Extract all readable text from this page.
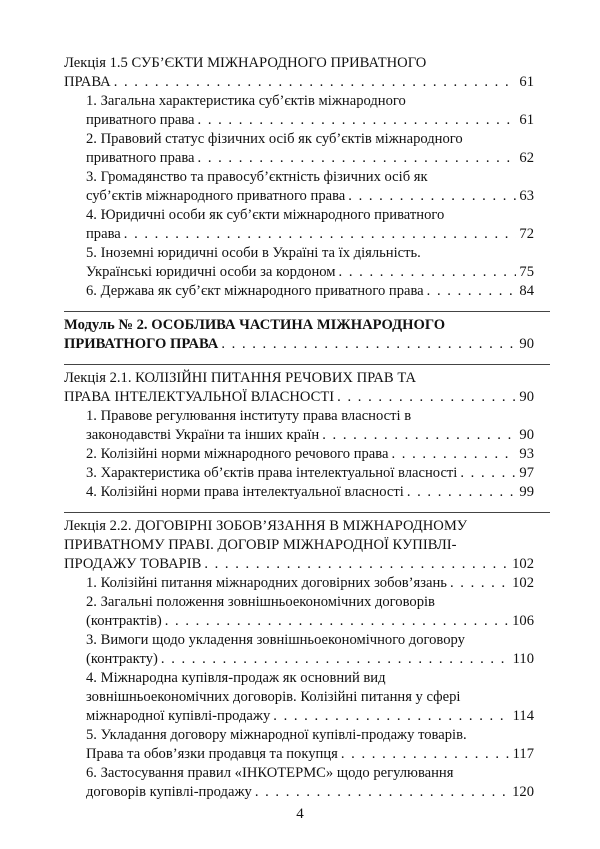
Лекція 1.5 СУБ’ЄКТИ МІЖНАРОДНОГО ПРИВАТНОГО
ПРАВА . . .	61
1. Загальна характеристика суб’єктів міжнародного
приватного права . . .	61
2. Правовий статус фізичних осіб як суб’єктів міжнародного
приватного права . . .	62
3. Громадянство та правосуб’єктність фізичних осіб як
суб’єктів міжнародного приватного права . . .	63
4. Юридичні особи як суб’єкти міжнародного приватного
права . . .	72
5. Іноземні юридичні особи в Україні та їх діяльність.
Українські юридичні особи за кордоном . . .	75
6. Держава як суб’єкт міжнародного приватного права . . .	84
Модуль № 2. ОСОБЛИВА ЧАСТИНА МІЖНАРОДНОГО
ПРИВАТНОГО ПРАВА . . .	90
Лекція 2.1. КОЛІЗІЙНІ ПИТАННЯ РЕЧОВИХ ПРАВ ТА
ПРАВА ІНТЕЛЕКТУАЛЬНОЇ ВЛАСНОСТІ . . .	90
1. Правове регулювання інституту права власності в
законодавстві України та інших країн . . .	90
2. Колізійні норми міжнародного речового права . . .	93
3. Характеристика об’єктів права інтелектуальної власності . . .	97
4. Колізійні норми права інтелектуальної власності . . .	99
Лекція 2.2. ДОГОВІРНІ ЗОБОВ’ЯЗАННЯ В МІЖНАРОДНОМУ
ПРИВАТНОМУ ПРАВІ. ДОГОВІР МІЖНАРОДНОЇ КУПІВЛІ-
ПРОДАЖУ ТОВАРІВ . . .	102
1. Колізійні питання міжнародних договірних зобов’язань . . .	102
2. Загальні положення зовнішньоекономічних договорів
(контрактів) . . .	106
3. Вимоги щодо укладення зовнішньоекономічного договору
(контракту) . . .	110
4. Міжнародна купівля-продаж як основний вид
зовнішньоекономічних договорів. Колізійні питання у сфері
міжнародної купівлі-продажу . . .	114
5. Укладання договору міжнародної купівлі-продажу товарів.
Права та обов’язки продавця та покупця . . .	117
6. Застосування правил «ІНКОТЕРМС» щодо регулювання
договорів купівлі-продажу . . .	120
4
